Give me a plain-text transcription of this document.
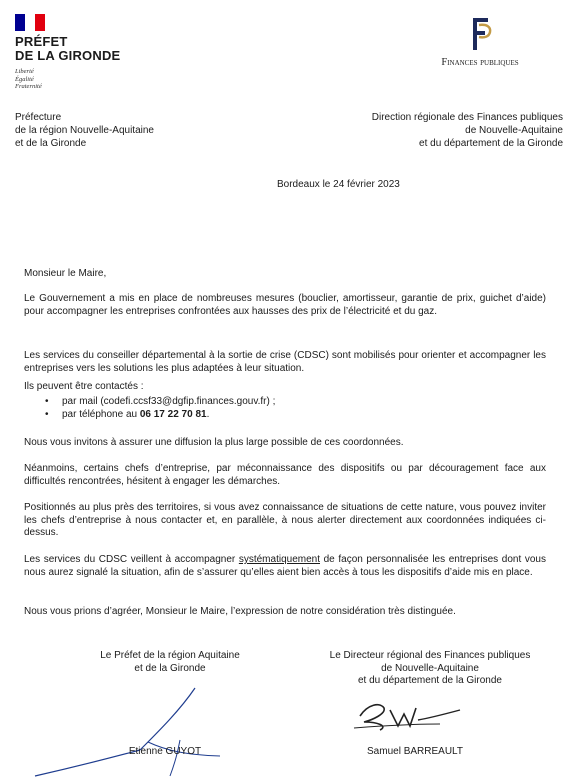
PRÉFET
DE LA GIRONDE
Liberté
Égalité
Fraternité
Finances publiques
Préfecture
de la région Nouvelle-Aquitaine
et de la Gironde
Direction régionale des Finances publiques
de Nouvelle-Aquitaine
et du département de la Gironde
Bordeaux le 24 février 2023

Monsieur le Maire,

Le Gouvernement a mis en place de nombreuses mesures (bouclier, amortisseur, garantie de prix, guichet d’aide) pour accompagner les entreprises confrontées aux hausses des prix de l’électricité et du gaz.

Les services du conseiller départemental à la sortie de crise (CDSC) sont mobilisés pour orienter et accompagner les entreprises vers les solutions les plus adaptées à leur situation.

Ils peuvent être contactés :

• par mail (codefi.ccsf33@dgfip.finances.gouv.fr) ;
• par téléphone au 06 17 22 70 81.

Nous vous invitons à assurer une diffusion la plus large possible de ces coordonnées.

Néanmoins, certains chefs d’entreprise, par méconnaissance des dispositifs ou par découragement face aux difficultés rencontrées, hésitent à engager les démarches.

Positionnés au plus près des territoires, si vous avez connaissance de situations de cette nature, vous pouvez inviter les chefs d’entreprise à nous contacter et, en parallèle, à nous alerter directement aux coordonnées indiquées ci-dessus.

Les services du CDSC veillent à accompagner systématiquement de façon personnalisée les entreprises dont vous nous aurez signalé la situation, afin de s’assurer qu’elles aient bien accès à tous les dispositifs d’aide mis en place.

Nous vous prions d’agréer, Monsieur le Maire, l’expression de notre considération très distinguée.

Le Préfet de la région Aquitaine
et de la Gironde
Etienne GUYOT
Le Directeur régional des Finances publiques
de Nouvelle-Aquitaine
et du département de la Gironde
Samuel BARREAULT
